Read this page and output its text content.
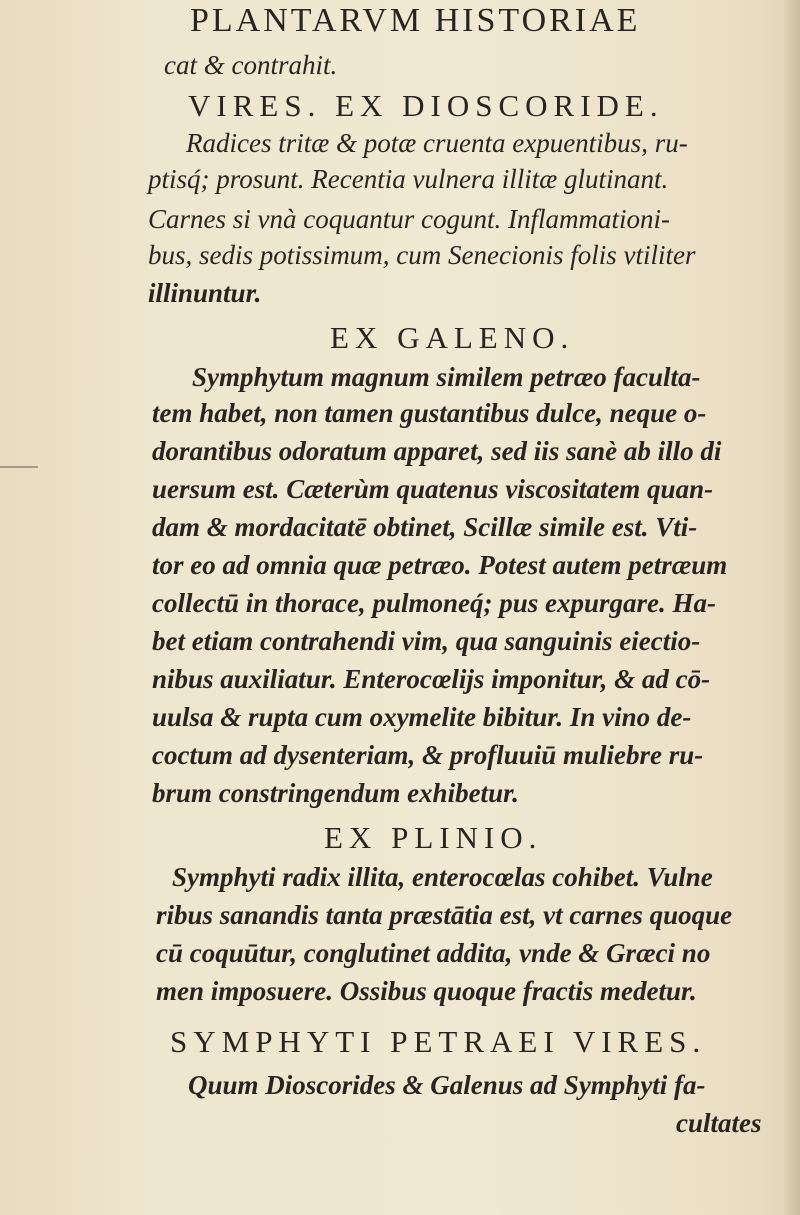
PLANTARVM HISTORIAE
cat & contrahit.
VIRES. EX DIOSCORIDE.
Radices tritæ & potæ cruenta expuentibus, ru-
ptisq́; prosunt. Recentia vulnera illitæ glutinant.
Carnes si vnà coquantur cogunt. Inflammationi-
bus, sedis potissimum, cum Senecionis folis vtiliter
illinuntur.
EX GALENO.
Symphytum magnum similem petræo faculta-
tem habet, non tamen gustantibus dulce, neque o-
dorantibus odoratum apparet, sed iis sanè ab illo di
uersum est. Cæterùm quatenus viscositatem quan-
dam & mordacitatē obtinet, Scillæ simile est. Vti-
tor eo ad omnia quæ petræo. Potest autem petræum
collectū in thorace, pulmoneq́; pus expurgare. Ha-
bet etiam contrahendi vim, qua sanguinis eiectio-
nibus auxiliatur. Enterocœlijs imponitur, & ad cō-
uulsa & rupta cum oxymelite bibitur. In vino de-
coctum ad dysenteriam, & profluuiū muliebre ru-
brum constringendum exhibetur.
EX PLINIO.
Symphyti radix illita, enterocœlas cohibet. Vulne
ribus sanandis tanta præstātia est, vt carnes quoque
cū coquūtur, conglutinet addita, vnde & Græci no
men imposuere. Ossibus quoque fractis medetur.
SYMPHYTI PETRAEI VIRES.
Quum Dioscorides & Galenus ad Symphyti fa-
cultates
